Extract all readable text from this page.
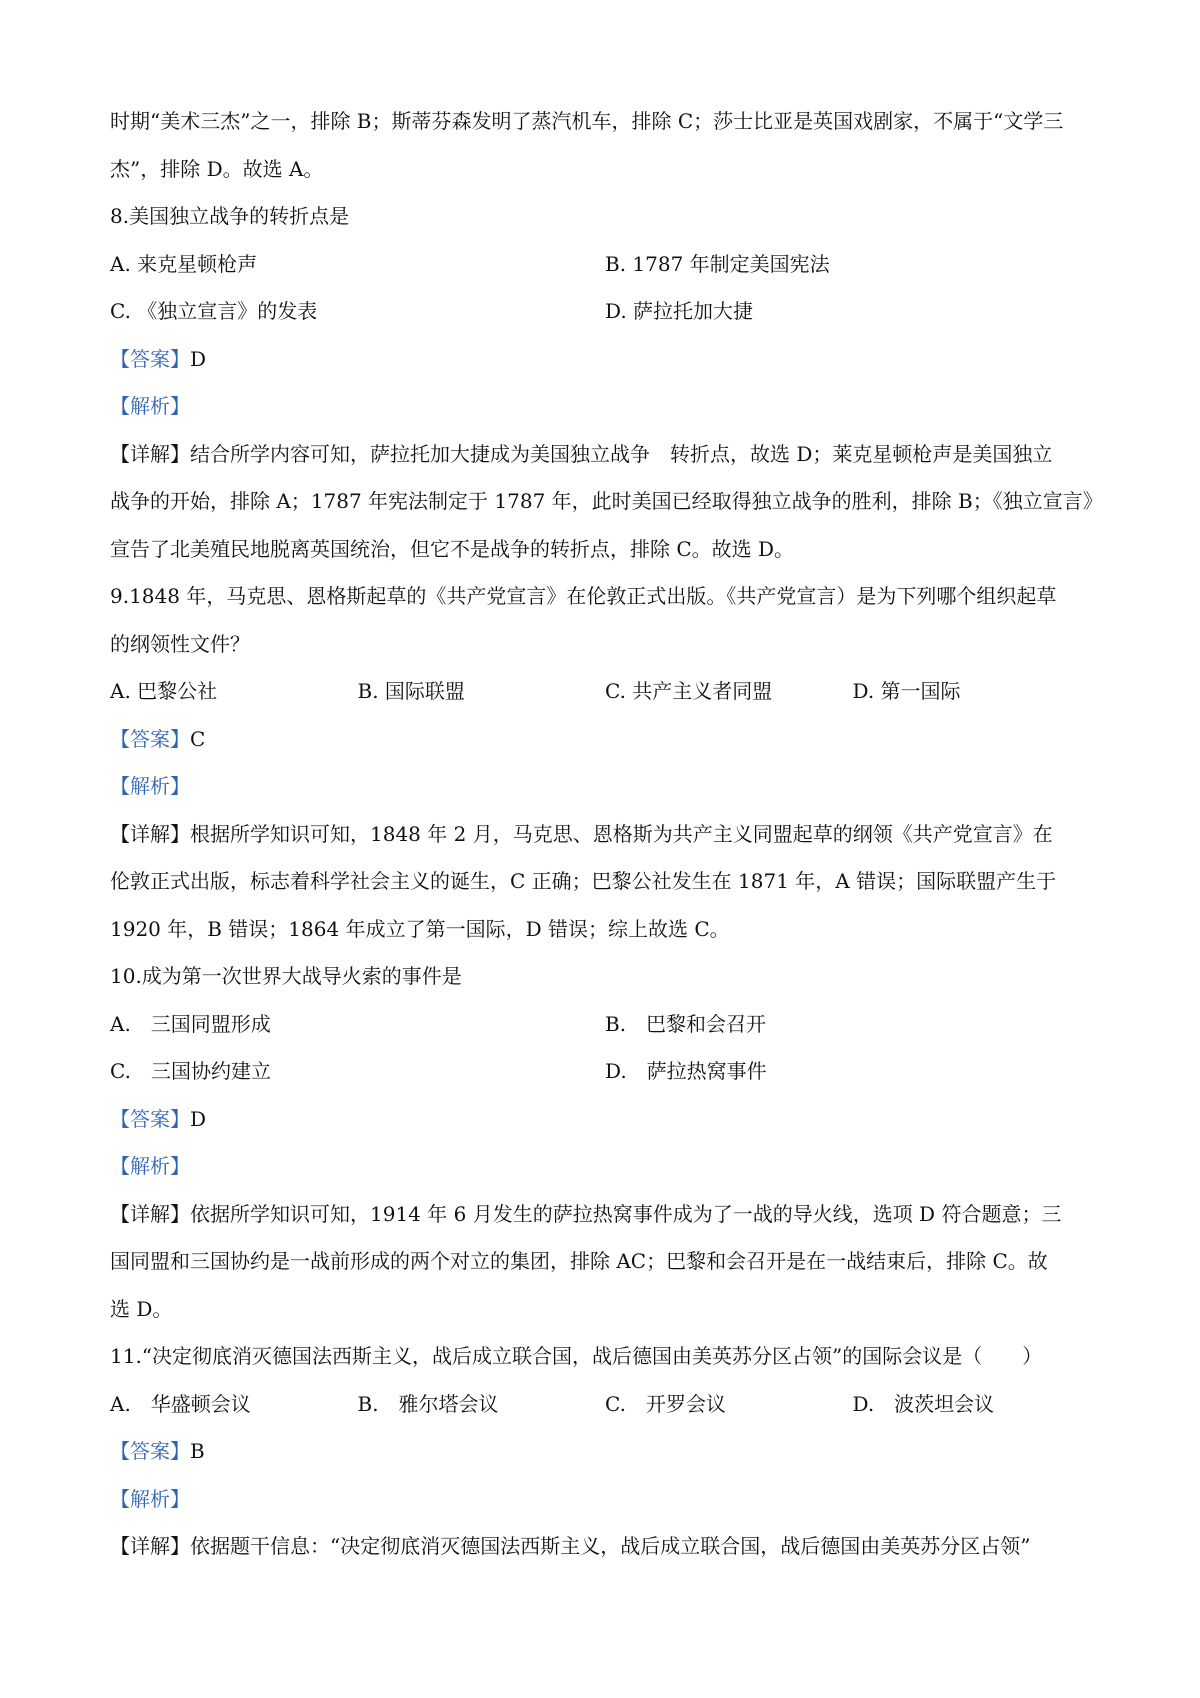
时期“美术三杰”之一，排除 B；斯蒂芬森发明了蒸汽机车，排除 C；莎士比亚是英国戏剧家，不属于“文学三
杰”，排除 D。故选 A。
8.美国独立战争的转折点是
A. 来克星顿枪声	B. 1787 年制定美国宪法
C. 《独立宣言》的发表	D. 萨拉托加大捷
【答案】D
【解析】
【详解】结合所学内容可知，萨拉托加大捷成为美国独立战争　转折点，故选 D；莱克星顿枪声是美国独立
战争的开始，排除 A；1787 年宪法制定于 1787 年，此时美国已经取得独立战争的胜利，排除 B；《独立宣言》
宣告了北美殖民地脱离英国统治，但它不是战争的转折点，排除 C。故选 D。
9.1848 年，马克思、恩格斯起草的《共产党宣言》在伦敦正式出版。《共产党宣言）是为下列哪个组织起草
的纲领性文件？
A. 巴黎公社	B. 国际联盟	C. 共产主义者同盟	D. 第一国际
【答案】C
【解析】
【详解】根据所学知识可知，1848 年 2 月，马克思、恩格斯为共产主义同盟起草的纲领《共产党宣言》在
伦敦正式出版，标志着科学社会主义的诞生，C 正确；巴黎公社发生在 1871 年，A 错误；国际联盟产生于
1920 年，B 错误；1864 年成立了第一国际，D 错误；综上故选 C。
10.成为第一次世界大战导火索的事件是
A.　三国同盟形成	B.　巴黎和会召开
C.　三国协约建立	D.　萨拉热窝事件
【答案】D
【解析】
【详解】依据所学知识可知，1914 年 6 月发生的萨拉热窝事件成为了一战的导火线，选项 D 符合题意；三
国同盟和三国协约是一战前形成的两个对立的集团，排除 AC；巴黎和会召开是在一战结束后，排除 C。故
选 D。
11.“决定彻底消灭德国法西斯主义，战后成立联合国，战后德国由美英苏分区占领”的国际会议是（　　）
A.　华盛顿会议	B.　雅尔塔会议	C.　开罗会议	D.　波茨坦会议
【答案】B
【解析】
【详解】依据题干信息：“决定彻底消灭德国法西斯主义，战后成立联合国，战后德国由美英苏分区占领”
